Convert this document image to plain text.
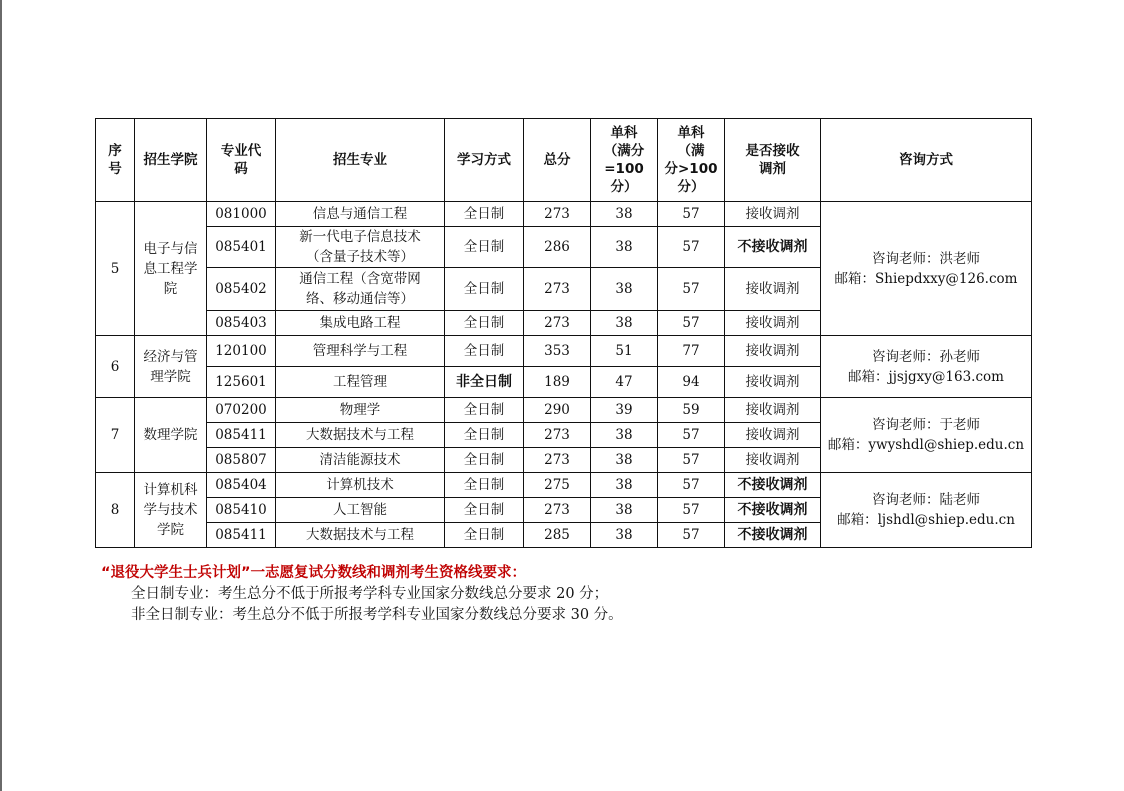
序
号	招生学院	专业代
码	招生专业	学习方式	总分	单科
（满分
=100
分）	单科
（满
分>100
分）	是否接收
调剂	咨询方式
5	电子与信
息工程学
院	081000	信息与通信工程	全日制	273	38	57	接收调剂	咨询老师：洪老师
邮箱：Shiepdxxy@126.com

		085401	新一代电子信息技术
（含量子技术等）	全日制	286	38	57	不接收调剂	
		085402	通信工程（含宽带网
络、移动通信等）	全日制	273	38	57	接收调剂	
		085403	集成电路工程	全日制	273	38	57	接收调剂	
6	经济与管
理学院	120100	管理科学与工程	全日制	353	51	77	接收调剂	咨询老师：孙老师
邮箱：jjsjgxy@163.com

		125601	工程管理	非全日制	189	47	94	接收调剂	
7	数理学院	070200	物理学	全日制	290	39	59	接收调剂	咨询老师：于老师
邮箱：ywyshdl@shiep.edu.cn

		085411	大数据技术与工程	全日制	273	38	57	接收调剂	
		085807	清洁能源技术	全日制	273	38	57	接收调剂	
8	计算机科
学与技术
学院	085404	计算机技术	全日制	275	38	57	不接收调剂	咨询老师：陆老师
邮箱：ljshdl@shiep.edu.cn

		085410	人工智能	全日制	273	38	57	不接收调剂	
		085411	大数据技术与工程	全日制	285	38	57	不接收调剂	
“退役大学生士兵计划”一志愿复试分数线和调剂考生资格线要求：
全日制专业：考生总分不低于所报考学科专业国家分数线总分要求 20 分；
非全日制专业：考生总分不低于所报考学科专业国家分数线总分要求 30 分。
